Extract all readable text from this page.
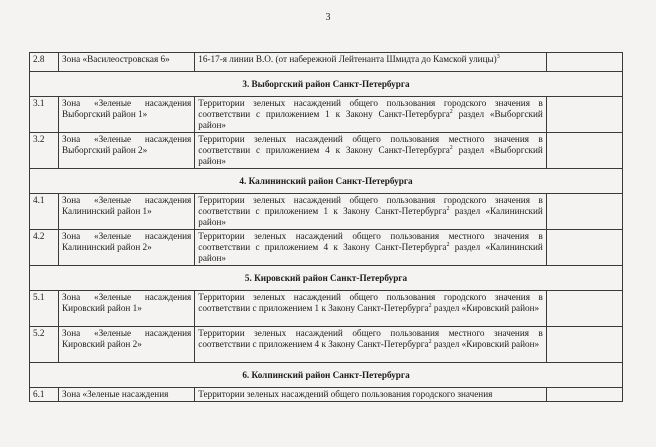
3
2.8	Зона «Василеостровская 6»	16-17-я линии В.О. (от набережной Лейтенанта Шмидта до Камской улицы)$^3$	
3. Выборгский район Санкт-Петербурга			
3.1	Зона «Зеленые насаждения Выборгский район 1»	Территории зеленых насаждений общего пользования городского значения в соответствии с приложением 1 к Закону Санкт-Петербурга$^2$ раздел «Выборгский район»	
3.2	Зона «Зеленые насаждения Выборгский район 2»	Территории зеленых насаждений общего пользования местного значения в соответствии с приложением 4 к Закону Санкт-Петербурга$^2$ раздел «Выборгский район»	
4. Калининский район Санкт-Петербурга			
4.1	Зона «Зеленые насаждения Калининский район 1»	Территории зеленых насаждений общего пользования городского значения в соответствии с приложением 1 к Закону Санкт-Петербурга$^2$ раздел «Калининский район»	
4.2	Зона «Зеленые насаждения Калининский район 2»	Территории зеленых насаждений общего пользования местного значения в соответствии с приложением 4 к Закону Санкт-Петербурга$^2$ раздел «Калининский район»	
5. Кировский район Санкт-Петербурга			
5.1	Зона «Зеленые насаждения Кировский район 1»	Территории зеленых насаждений общего пользования городского значения в соответствии с приложением 1 к Закону Санкт-Петербурга$^2$ раздел «Кировский район»	
5.2	Зона «Зеленые насаждения Кировский район 2»	Территории зеленых насаждений общего пользования местного значения в соответствии с приложением 4 к Закону Санкт-Петербурга$^2$ раздел «Кировский район»	
6. Колпинский район Санкт-Петербурга			
6.1	Зона «Зеленые насаждения	Территории зеленых насаждений общего пользования городского значения	
